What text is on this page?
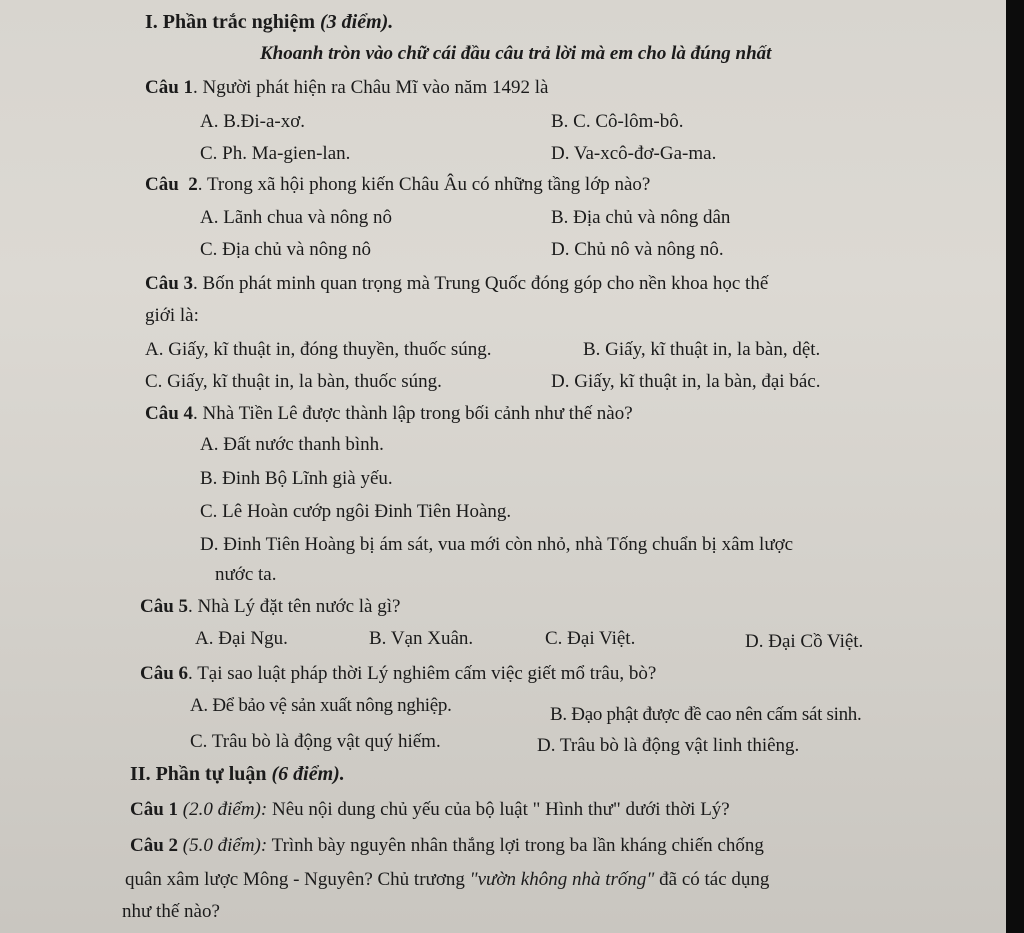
I. Phần trắc nghiệm (3 điểm).
Khoanh tròn vào chữ cái đầu câu trả lời mà em cho là đúng nhất
Câu 1. Người phát hiện ra Châu Mĩ vào năm 1492 là
A. B.Đi-a-xơ.	B. C. Cô-lôm-bô.
C. Ph. Ma-gien-lan.	D. Va-xcô-đơ-Ga-ma.
Câu  2. Trong xã hội phong kiến Châu Âu có những tầng lớp nào?
A. Lãnh chua và nông nô	B. Địa chủ và nông dân
C. Địa chủ và nông nô	D. Chủ nô và nông nô.
Câu 3. Bốn phát minh quan trọng mà Trung Quốc đóng góp cho nền khoa học thế
giới là:
A. Giấy, kĩ thuật in, đóng thuyền, thuốc súng.	B. Giấy, kĩ thuật in, la bàn, dệt.
C. Giấy, kĩ thuật in, la bàn, thuốc súng.	D. Giấy, kĩ thuật in, la bàn, đại bác.
Câu 4. Nhà Tiền Lê được thành lập trong bối cảnh như thế nào?
A. Đất nước thanh bình.
B. Đinh Bộ Lĩnh già yếu.
C. Lê Hoàn cướp ngôi Đinh Tiên Hoàng.
D. Đinh Tiên Hoàng bị ám sát, vua mới còn nhỏ, nhà Tống chuẩn bị xâm lược
nước ta.
Câu 5. Nhà Lý đặt tên nước là gì?
A. Đại Ngu.	B. Vạn Xuân.	C. Đại Việt.	D. Đại Cồ Việt.
Câu 6. Tại sao luật pháp thời Lý nghiêm cấm việc giết mổ trâu, bò?
A. Để bảo vệ sản xuất nông nghiệp.	B. Đạo phật được đề cao nên cấm sát sinh.
C. Trâu bò là động vật quý hiếm.	D. Trâu bò là động vật linh thiêng.
II. Phần tự luận (6 điểm).
Câu 1 (2.0 điểm): Nêu nội dung chủ yếu của bộ luật " Hình thư" dưới thời Lý?
Câu 2 (5.0 điểm): Trình bày nguyên nhân thắng lợi trong ba lần kháng chiến chống
quân xâm lược Mông - Nguyên? Chủ trương "vườn không nhà trống" đã có tác dụng
như thế nào?
